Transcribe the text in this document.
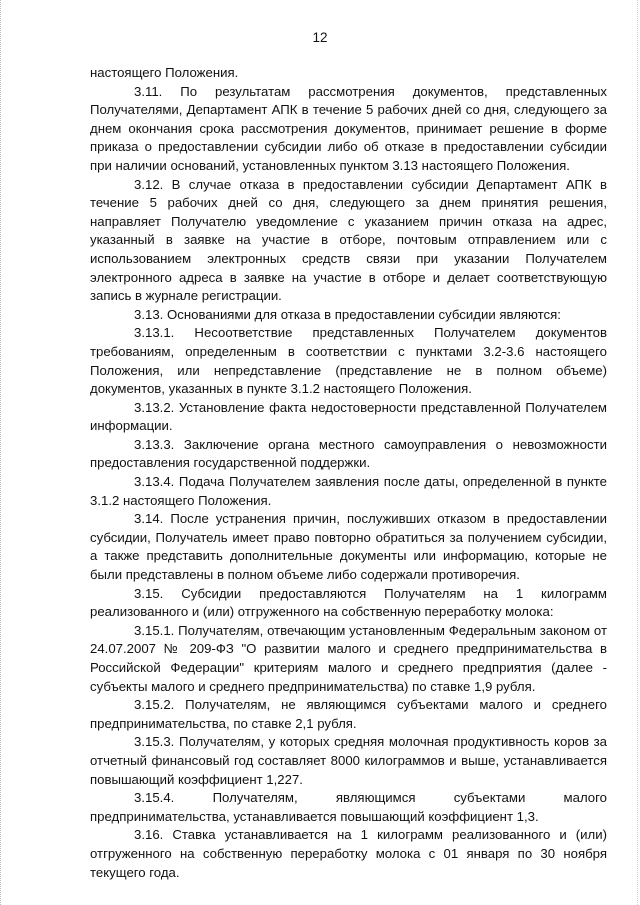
12

настоящего Положения.

3.11. По результатам рассмотрения документов, представленных Получателями, Департамент АПК в течение 5 рабочих дней со дня, следующего за днем окончания срока рассмотрения документов, принимает решение в форме приказа о предоставлении субсидии либо об отказе в предоставлении субсидии при наличии оснований, установленных пунктом 3.13 настоящего Положения.

3.12. В случае отказа в предоставлении субсидии Департамент АПК в течение 5 рабочих дней со дня, следующего за днем принятия решения, направляет Получателю уведомление с указанием причин отказа на адрес, указанный в заявке на участие в отборе, почтовым отправлением или с использованием электронных средств связи при указании Получателем электронного адреса в заявке на участие в отборе и делает соответствующую запись в журнале регистрации.

3.13. Основаниями для отказа в предоставлении субсидии являются:

3.13.1. Несоответствие представленных Получателем документов требованиям, определенным в соответствии с пунктами 3.2-3.6 настоящего Положения, или непредставление (представление не в полном объеме) документов, указанных в пункте 3.1.2 настоящего Положения.

3.13.2. Установление факта недостоверности представленной Получателем информации.

3.13.3. Заключение органа местного самоуправления о невозможности предоставления государственной поддержки.

3.13.4. Подача Получателем заявления после даты, определенной в пункте 3.1.2 настоящего Положения.

3.14. После устранения причин, послуживших отказом в предоставлении субсидии, Получатель имеет право повторно обратиться за получением субсидии, а также представить дополнительные документы или информацию, которые не были представлены в полном объеме либо содержали противоречия.

3.15. Субсидии предоставляются Получателям на 1 килограмм реализованного и (или) отгруженного на собственную переработку молока:

3.15.1. Получателям, отвечающим установленным Федеральным законом от 24.07.2007 № 209-ФЗ "О развитии малого и среднего предпринимательства в Российской Федерации" критериям малого и среднего предприятия (далее - субъекты малого и среднего предпринимательства) по ставке 1,9 рубля.

3.15.2. Получателям, не являющимся субъектами малого и среднего предпринимательства, по ставке 2,1 рубля.

3.15.3. Получателям, у которых средняя молочная продуктивность коров за отчетный финансовый год составляет 8000 килограммов и выше, устанавливается повышающий коэффициент 1,227.

3.15.4. Получателям, являющимся субъектами малого предпринимательства, устанавливается повышающий коэффициент 1,3.

3.16. Ставка устанавливается на 1 килограмм реализованного и (или) отгруженного на собственную переработку молока с 01 января по 30 ноября текущего года.
